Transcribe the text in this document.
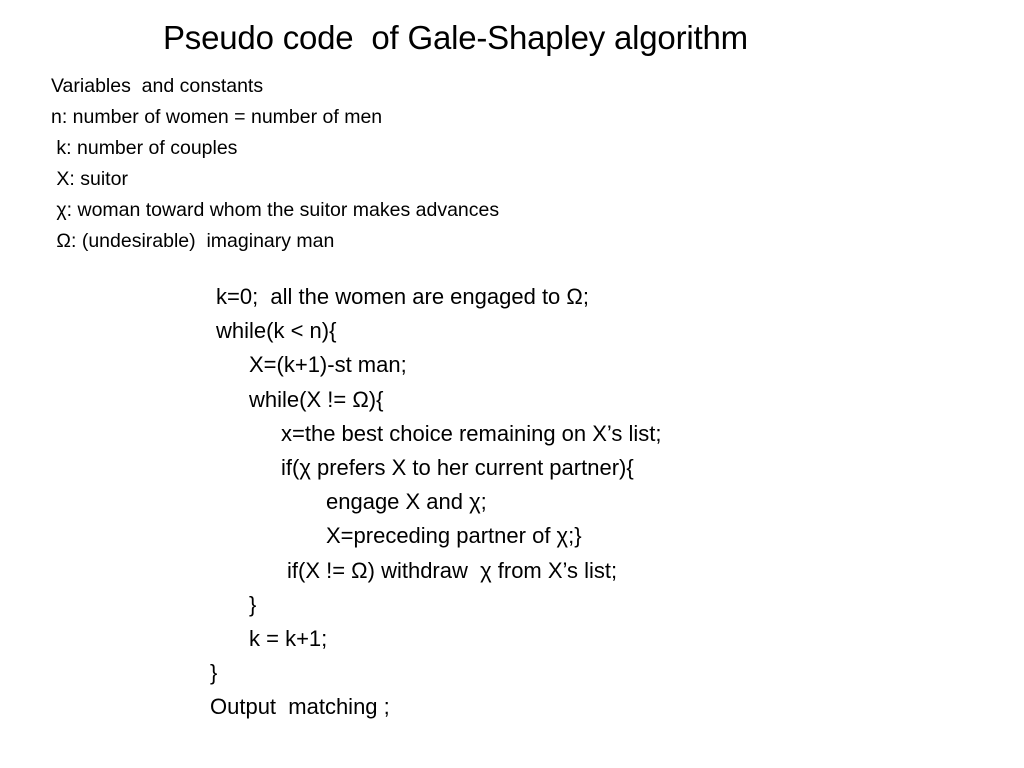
Pseudo code  of Gale-Shapley algorithm
Variables  and constants
n: number of women = number of men
k: number of couples
X: suitor
χ: woman toward whom the suitor makes advances
Ω: (undesirable)  imaginary man
k=0;  all the women are engaged to Ω;
while(k < n){
X=(k+1)-st man;
while(X != Ω){
x=the best choice remaining on X’s list;
if(χ prefers X to her current partner){
engage X and χ;
X=preceding partner of χ;}
if(X != Ω) withdraw  χ from X’s list;
}
k = k+1;
}
Output  matching ;
